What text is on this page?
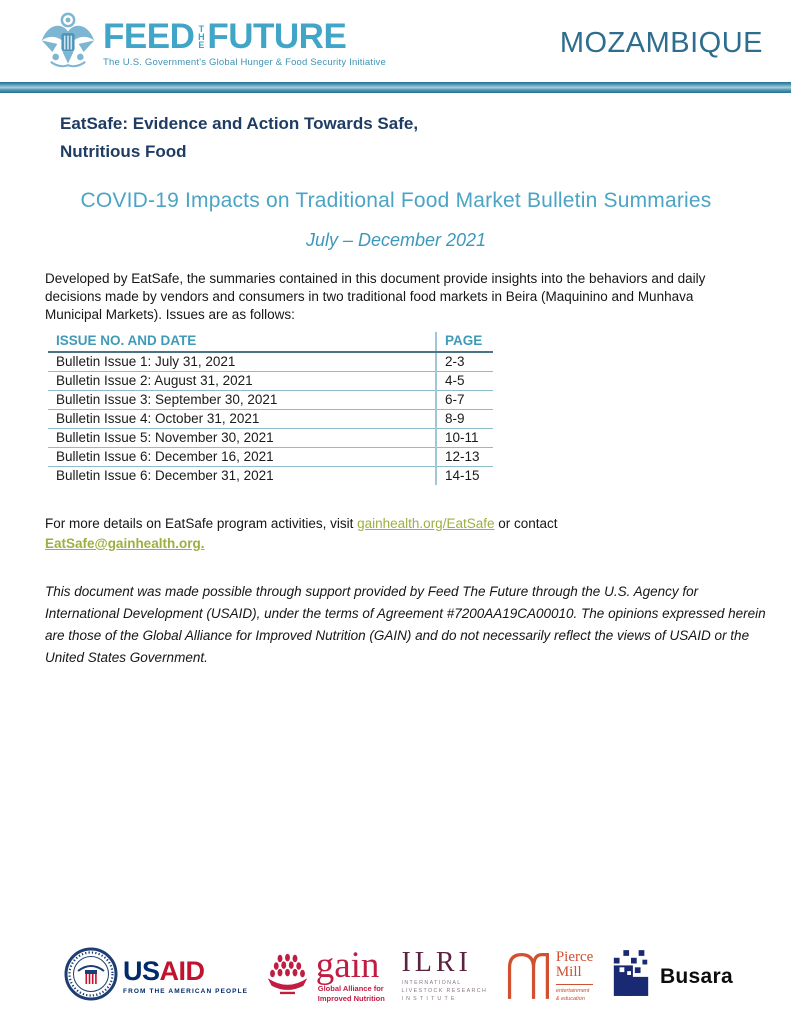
FEED THE FUTURE
The U.S. Government's Global Hunger & Food Security Initiative
MOZAMBIQUE
EatSafe: Evidence and Action Towards Safe,
Nutritious Food
COVID-19 Impacts on Traditional Food Market Bulletin Summaries
July – December 2021

Developed by EatSafe, the summaries contained in this document provide insights into the behaviors and daily decisions made by vendors and consumers in two traditional food markets in Beira (Maquinino and Munhava Municipal Markets). Issues are as follows:

ISSUE NO. AND DATE	PAGE
Bulletin Issue 1: July 31, 2021	2-3
Bulletin Issue 2: August 31, 2021	4-5
Bulletin Issue 3: September 30, 2021	6-7
Bulletin Issue 4: October 31, 2021	8-9
Bulletin Issue 5: November 30, 2021	10-11
Bulletin Issue 6: December 16, 2021	12-13
Bulletin Issue 6: December 31, 2021	14-15
For more details on EatSafe program activities, visit gainhealth.org/EatSafe or contact
EatSafe@gainhealth.org.

This document was made possible through support provided by Feed The Future through the U.S. Agency for International Development (USAID), under the terms of Agreement #7200AA19CA00010. The opinions expressed herein are those of the Global Alliance for Improved Nutrition (GAIN) and do not necessarily reflect the views of USAID or the United States Government.

USAID
FROM THE AMERICAN PEOPLE
gain
Global Alliance for
Improved Nutrition
ILRI
INTERNATIONAL
LIVESTOCK RESEARCH
INSTITUTE
Pierce
Mill
entertainment
& education
Busara
